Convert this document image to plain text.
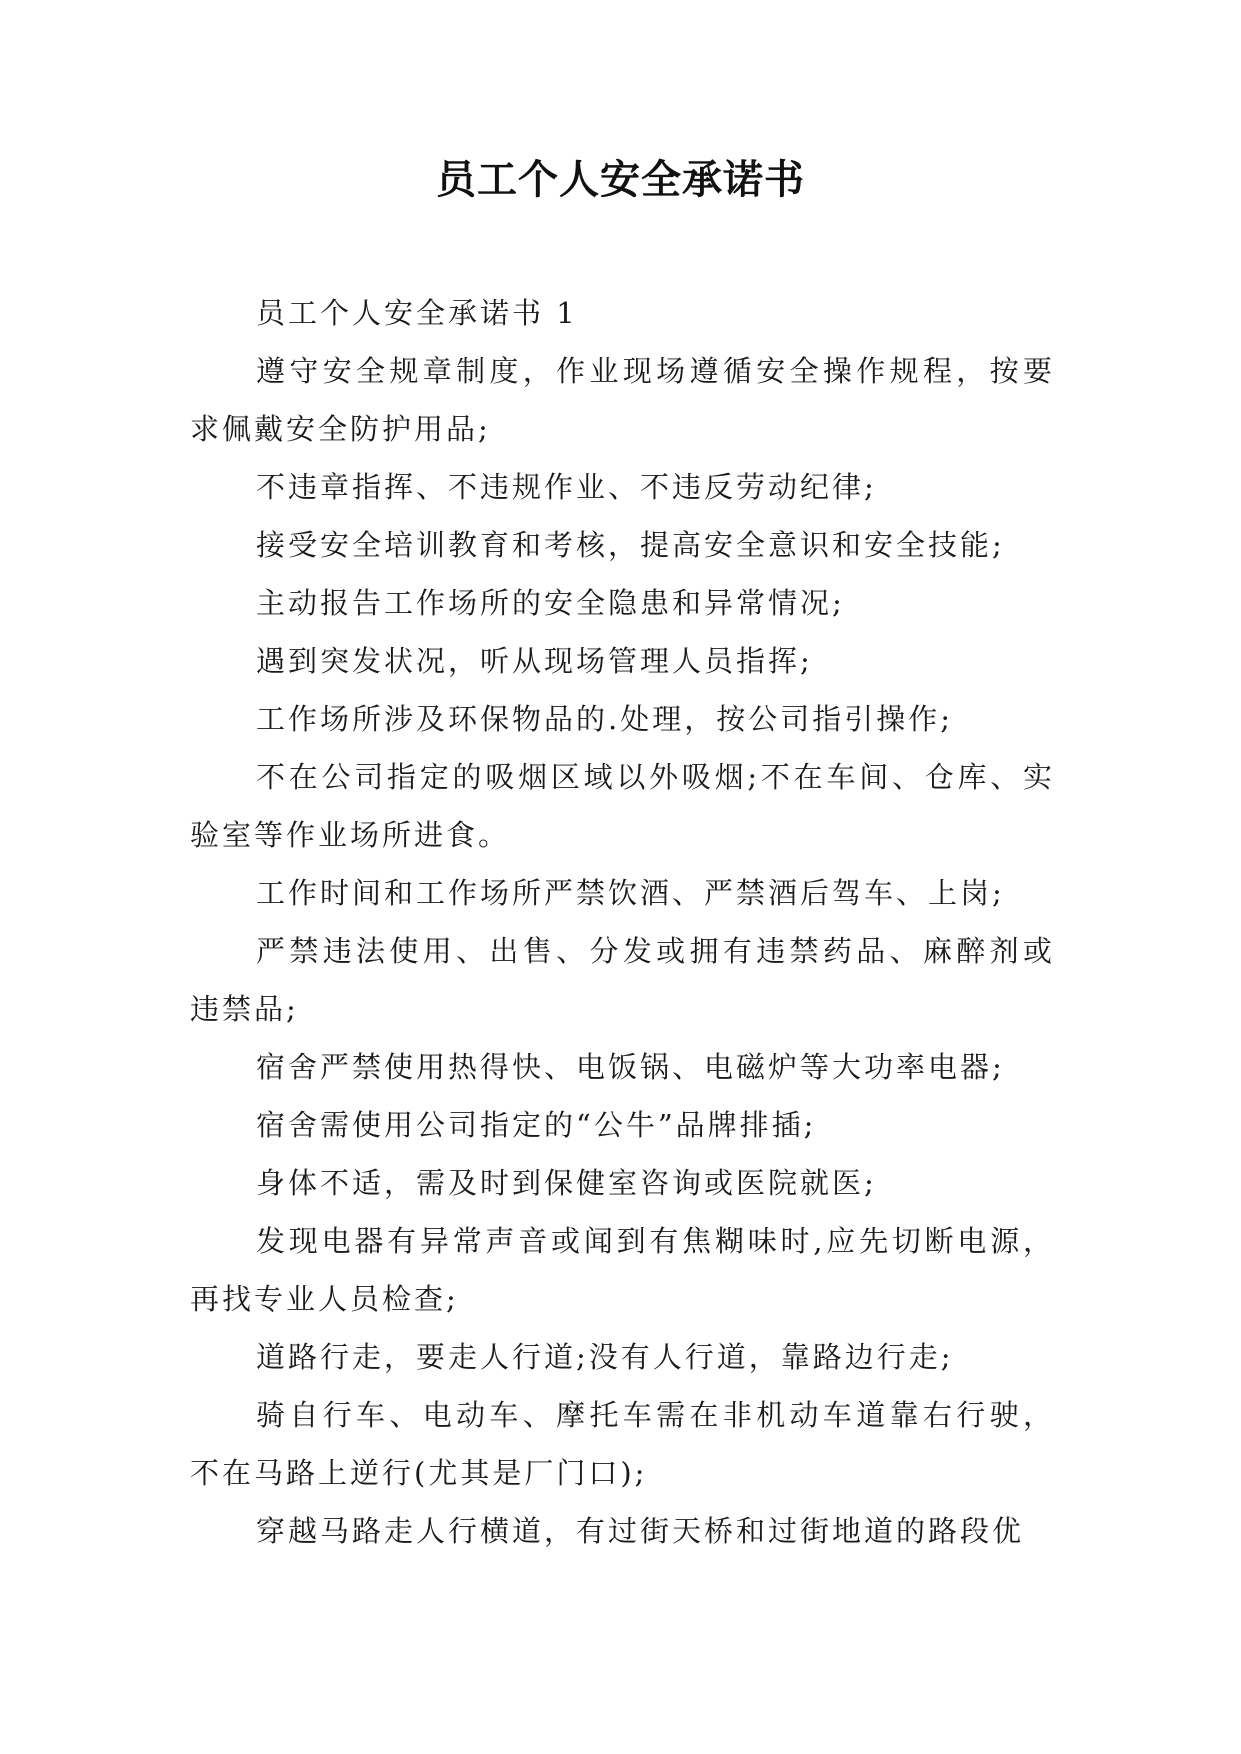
员工个人安全承诺书

员工个人安全承诺书 1

遵守安全规章制度，作业现场遵循安全操作规程，按要求佩戴安全防护用品;

不违章指挥、不违规作业、不违反劳动纪律;

接受安全培训教育和考核，提高安全意识和安全技能;

主动报告工作场所的安全隐患和异常情况;

遇到突发状况，听从现场管理人员指挥;

工作场所涉及环保物品的.处理，按公司指引操作;

不在公司指定的吸烟区域以外吸烟;不在车间、仓库、实验室等作业场所进食。

工作时间和工作场所严禁饮酒、严禁酒后驾车、上岗;

严禁违法使用、出售、分发或拥有违禁药品、麻醉剂或违禁品;

宿舍严禁使用热得快、电饭锅、电磁炉等大功率电器;

宿舍需使用公司指定的“公牛”品牌排插;

身体不适，需及时到保健室咨询或医院就医;

发现电器有异常声音或闻到有焦糊味时,应先切断电源，再找专业人员检查;

道路行走，要走人行道;没有人行道，靠路边行走;

骑自行车、电动车、摩托车需在非机动车道靠右行驶，不在马路上逆行(尤其是厂门口);

穿越马路走人行横道，有过街天桥和过街地道的路段优
